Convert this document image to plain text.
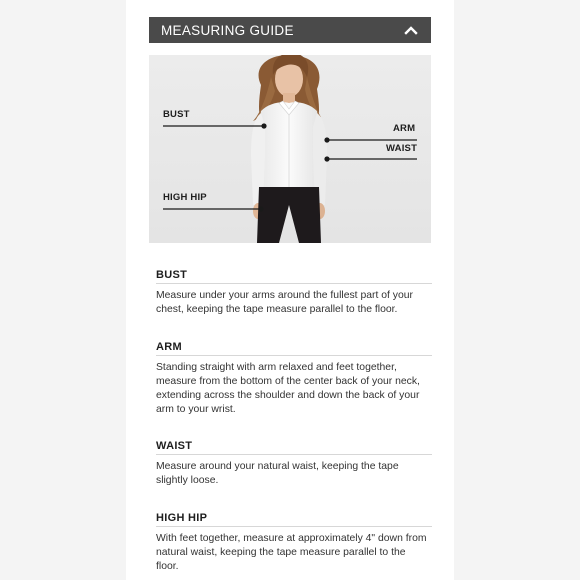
MEASURING GUIDE
BUST
ARM
WAIST
HIGH HIP
BUST
Measure under your arms around the fullest part of your chest, keeping the tape measure parallel to the floor.
ARM
Standing straight with arm relaxed and feet together, measure from the bottom of the center back of your neck, extending across the shoulder and down the back of your arm to your wrist.
WAIST
Measure around your natural waist, keeping the tape slightly loose.
HIGH HIP
With feet together, measure at approximately 4" down from natural waist, keeping the tape measure parallel to the floor.
